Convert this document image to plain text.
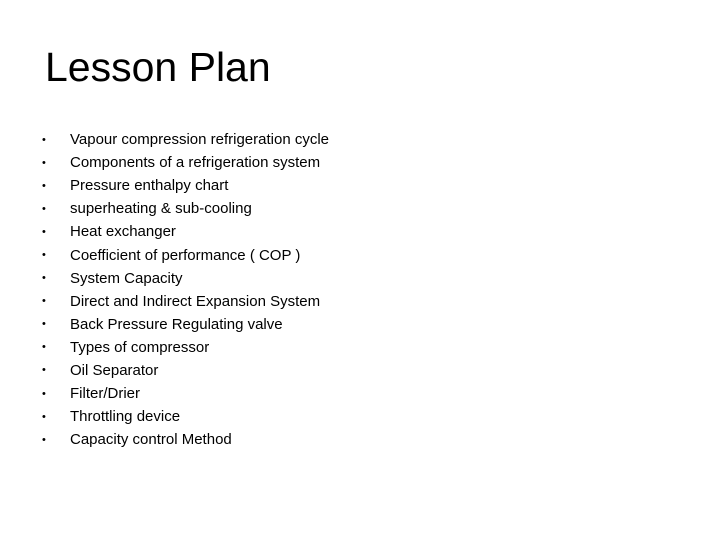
Lesson Plan
•	Vapour compression refrigeration cycle
•	Components of a refrigeration system
•	Pressure enthalpy chart
•	superheating & sub-cooling
•	Heat exchanger
•	Coefficient of performance ( COP )
•	System Capacity
•	Direct and Indirect Expansion System
•	Back Pressure Regulating valve
•	Types of compressor
•	Oil Separator
•	Filter/Drier
•	Throttling device
•	Capacity control Method
